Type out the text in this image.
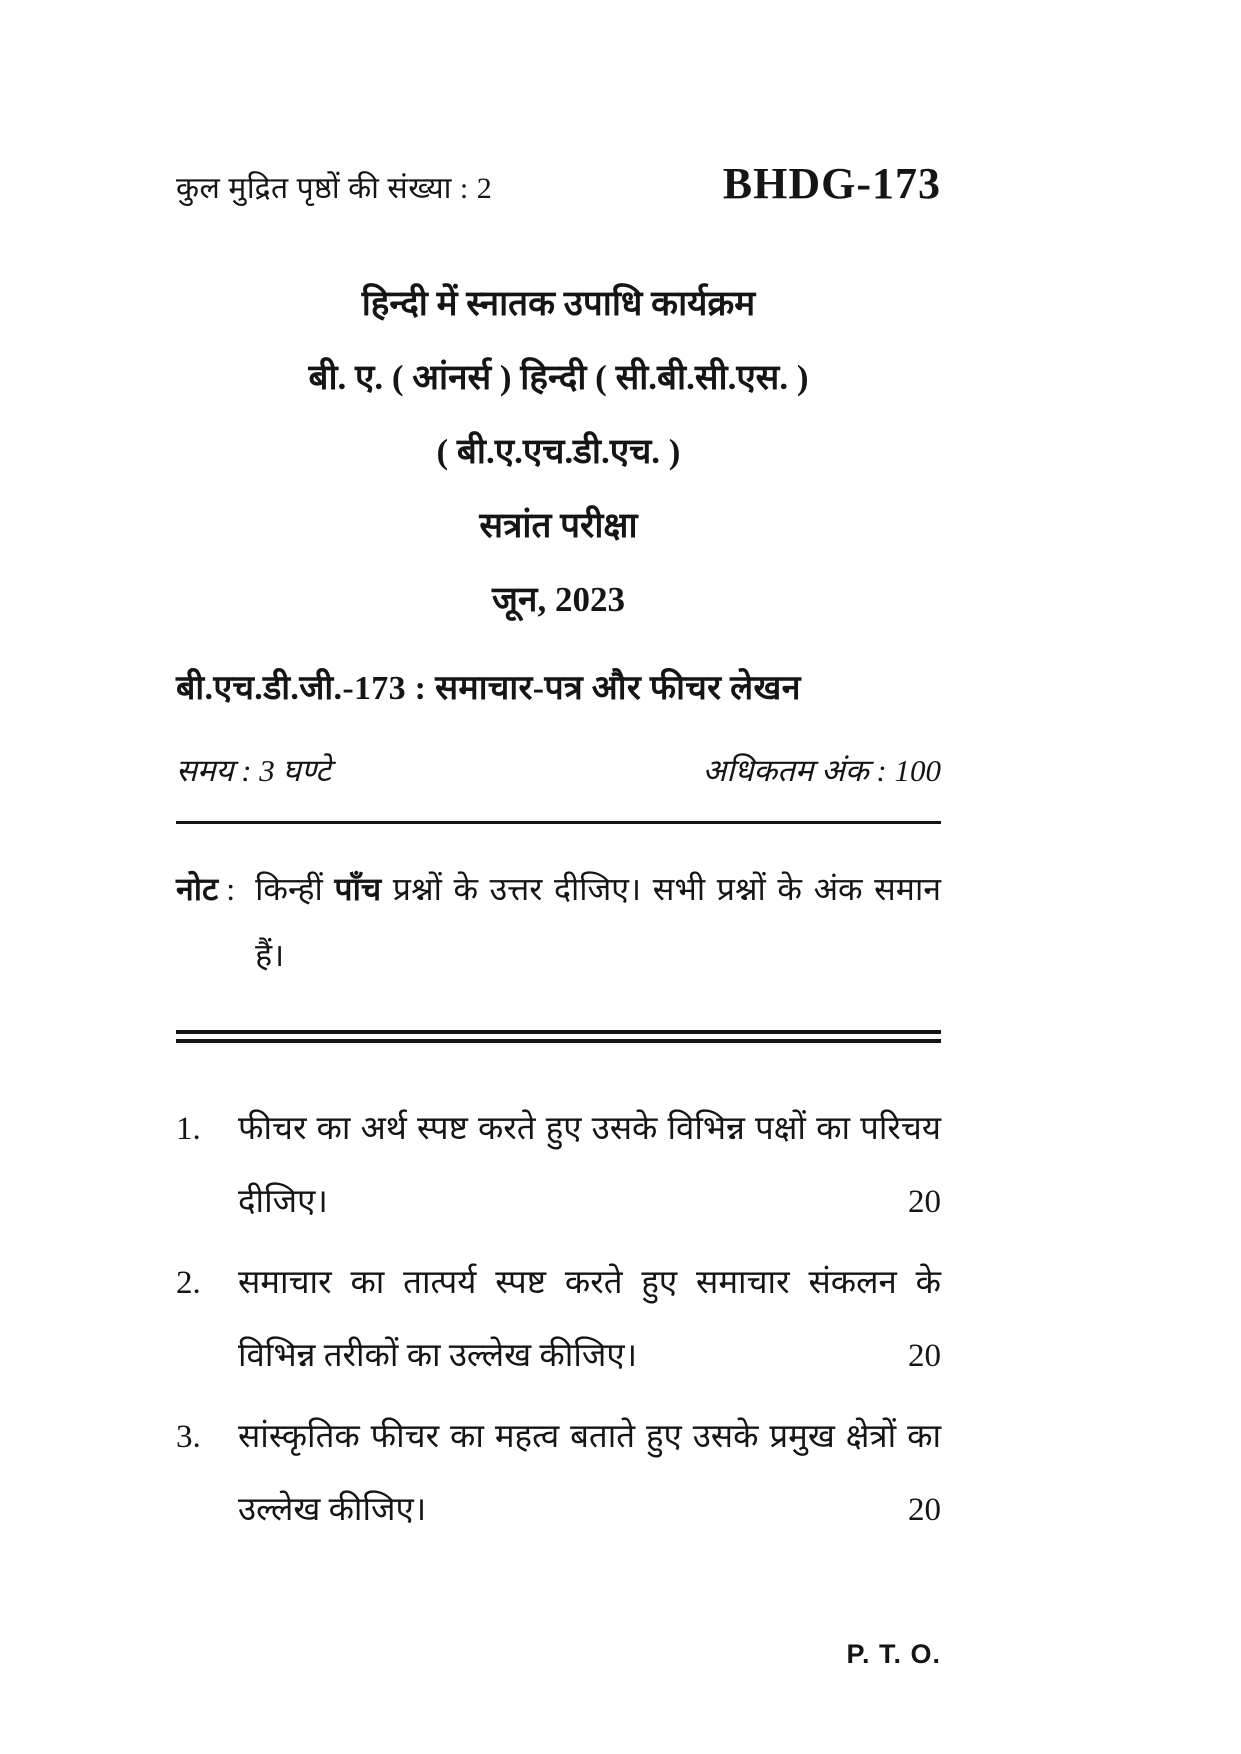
कुल मुद्रित पृष्ठों की संख्या : 2	BHDG-173
हिन्दी में स्नातक उपाधि कार्यक्रम
बी. ए. ( आंनर्स ) हिन्दी ( सी.बी.सी.एस. )
( बी.ए.एच.डी.एच. )
सत्रांत परीक्षा
जून, 2023
बी.एच.डी.जी.-173 : समाचार-पत्र और फीचर लेखन
समय : 3 घण्टे	अधिकतम अंक : 100
नोट : किन्हीं पाँच प्रश्नों के उत्तर दीजिए। सभी प्रश्नों के अंक समान हैं।
1.	फीचर का अर्थ स्पष्ट करते हुए उसके विभिन्न पक्षों का परिचय दीजिए।	20
2.	समाचार का तात्पर्य स्पष्ट करते हुए समाचार संकलन के विभिन्न तरीकों का उल्लेख कीजिए।	20
3.	सांस्कृतिक फीचर का महत्व बताते हुए उसके प्रमुख क्षेत्रों का उल्लेख कीजिए।	20
P. T. O.
